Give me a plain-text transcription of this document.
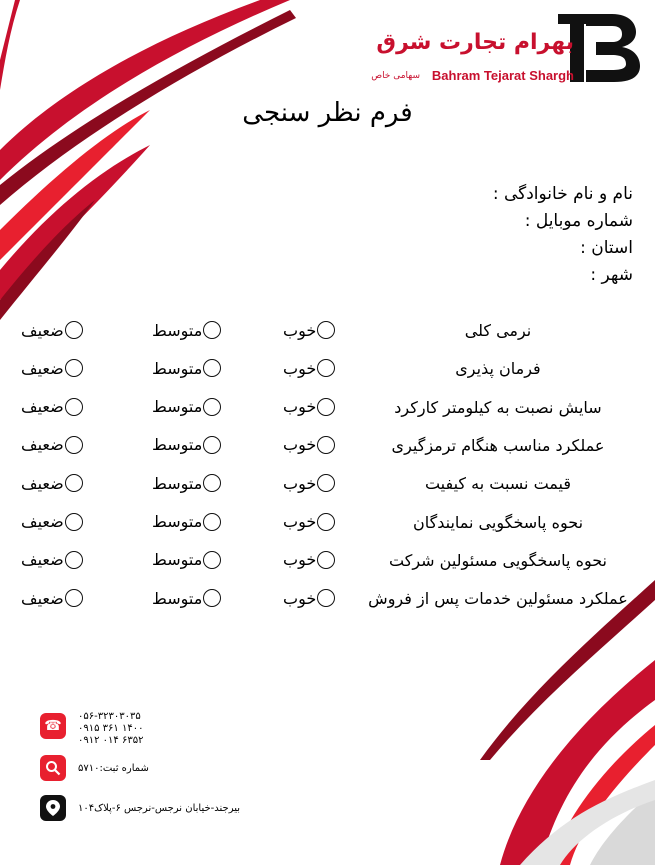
بهرام تجارت شرق
Bahram Tejarat Shargh
سهامی خاص
فرم نظر سنجی
نام و نام خانوادگی :
شماره موبایل :
استان :
شهر :
نرمی کلی
خوب
متوسط
ضعیف
فرمان پذیری
خوب
متوسط
ضعیف
سایش نصبت به کیلومتر کارکرد
خوب
متوسط
ضعیف
عملکرد مناسب هنگام ترمزگیری
خوب
متوسط
ضعیف
قیمت نسبت به کیفیت
خوب
متوسط
ضعیف
نحوه پاسخگویی نمایندگان
خوب
متوسط
ضعیف
نحوه پاسخگویی مسئولین شرکت
خوب
متوسط
ضعیف
عملکرد مسئولین خدمات پس از فروش
خوب
متوسط
ضعیف
☎
۰۵۶-۳۲۳۰۳۰۳۵
۰۹۱۵ ۳۶۱ ۱۴۰۰
۰۹۱۲ ۰۱۴ ۶۳۵۲
شماره ثبت:۵۷۱۰
بیرجند-خیابان نرجس-نرجس ۶-پلاک۱۰۴
